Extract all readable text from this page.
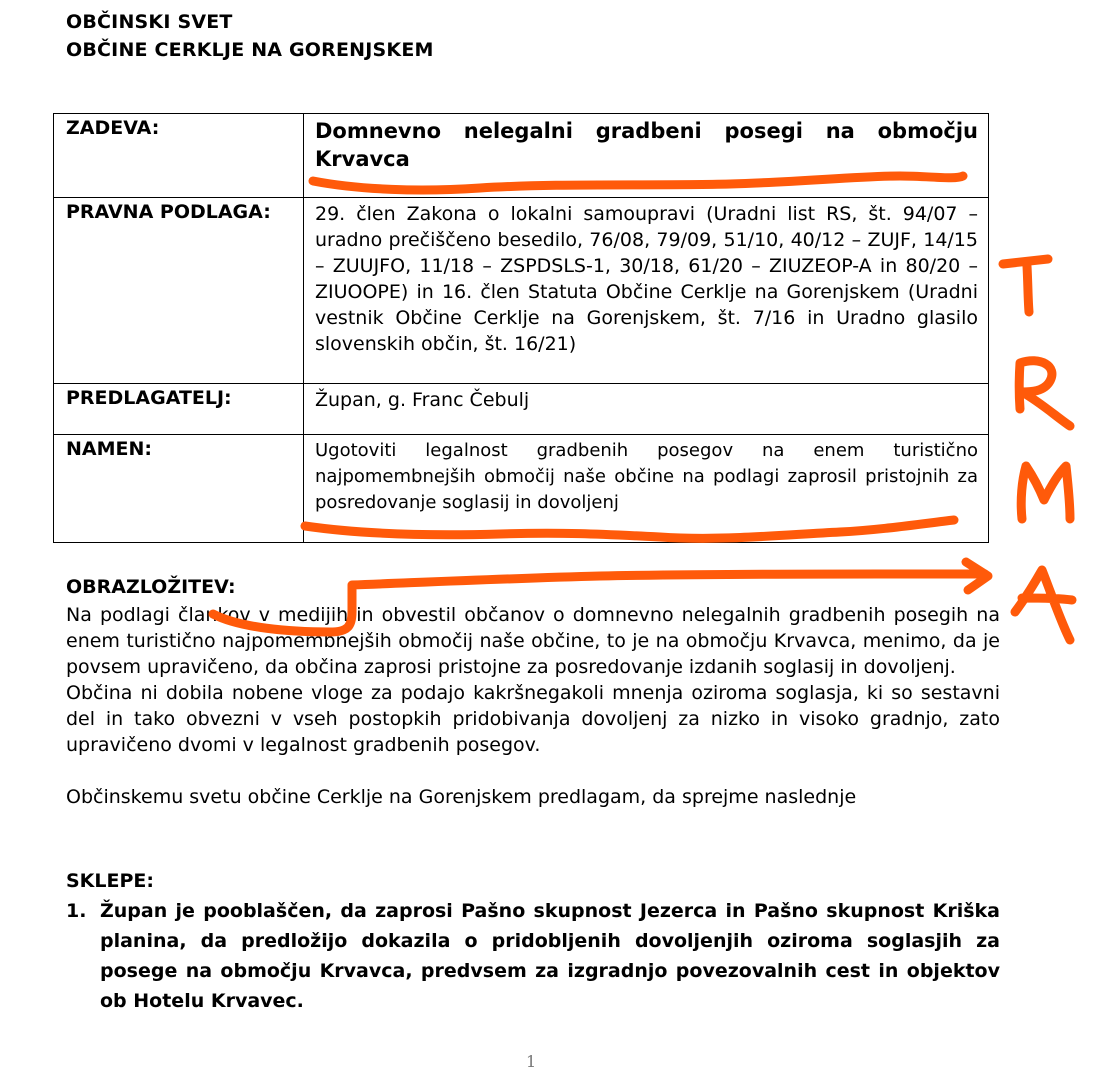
OBČINSKI SVET
OBČINE CERKLJE NA GORENJSKEM
ZADEVA:	Domnevno nelegalni gradbeni posegi na območju Krvavca

PRAVNA PODLAGA:	29. člen Zakona o lokalni samoupravi (Uradni list RS, št. 94/07 – uradno prečiščeno besedilo, 76/08, 79/09, 51/10, 40/12 – ZUJF, 14/15 – ZUUJFO, 11/18 – ZSPDSLS-1, 30/18, 61/20 – ZIUZEOP-A in 80/20 – ZIUOOPE) in 16. člen Statuta Občine Cerklje na Gorenjskem (Uradni vestnik Občine Cerklje na Gorenjskem, št. 7/16 in Uradno glasilo slovenskih občin, št. 16/21)

PREDLAGATELJ:	Župan, g. Franc Čebulj
NAMEN:	Ugotoviti legalnost gradbenih posegov na enem turistično najpomembnejših območij naše občine na podlagi zaprosil pristojnih za posredovanje soglasij in dovoljenj
OBRAZLOŽITEV:

Na podlagi člankov v medijih in obvestil občanov o domnevno nelegalnih gradbenih posegih na enem turistično najpomembnejših območij naše občine, to je na območju Krvavca, menimo, da je povsem upravičeno, da občina zaprosi pristojne za posredovanje izdanih soglasij in dovoljenj.

Občina ni dobila nobene vloge za podajo kakršnegakoli mnenja oziroma soglasja, ki so sestavni del in tako obvezni v vseh postopkih pridobivanja dovoljenj za nizko in visoko gradnjo, zato upravičeno dvomi v legalnost gradbenih posegov.

Občinskemu svetu občine Cerklje na Gorenjskem predlagam, da sprejme naslednje

SKLEPE:
1. Župan je pooblaščen, da zaprosi Pašno skupnost Jezerca in Pašno skupnost Kriška planina, da predložijo dokazila o pridobljenih dovoljenjih oziroma soglasjih za posege na območju Krvavca, predvsem za izgradnjo povezovalnih cest in objektov ob Hotelu Krvavec.
1
